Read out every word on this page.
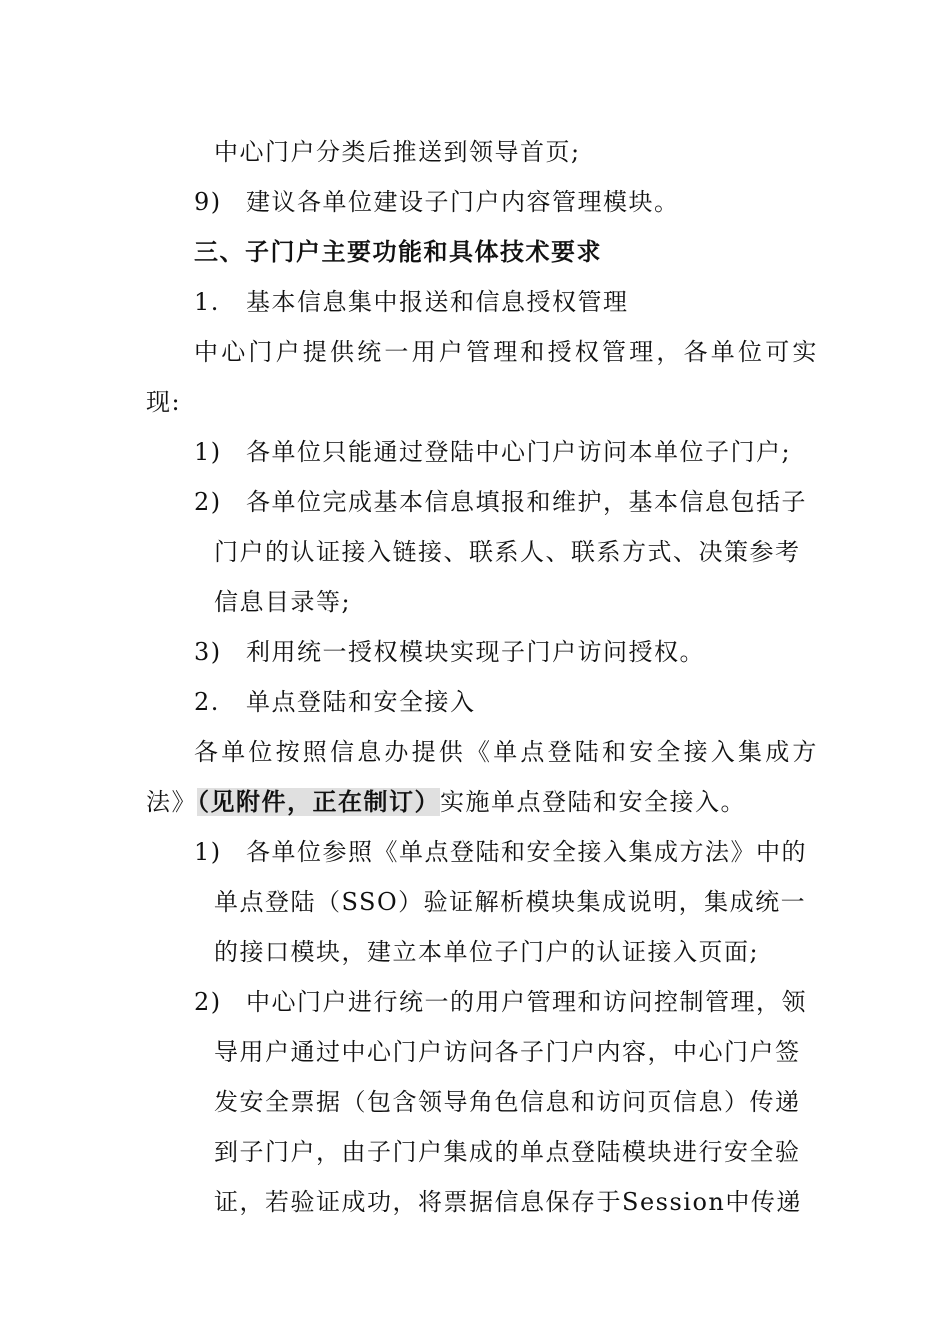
中心门户分类后推送到领导首页;
9) 建议各单位建设子门户内容管理模块。
三、子门户主要功能和具体技术要求
1. 基本信息集中报送和信息授权管理
中心门户提供统一用户管理和授权管理，各单位可实
现:
1) 各单位只能通过登陆中心门户访问本单位子门户;
2) 各单位完成基本信息填报和维护，基本信息包括子
门户的认证接入链接、联系人、联系方式、决策参考
信息目录等;
3) 利用统一授权模块实现子门户访问授权。
2. 单点登陆和安全接入
各单位按照信息办提供《单点登陆和安全接入集成方
法》（见附件，正在制订）实施单点登陆和安全接入。
1) 各单位参照《单点登陆和安全接入集成方法》中的
单点登陆（SSO）验证解析模块集成说明，集成统一
的接口模块，建立本单位子门户的认证接入页面;
2) 中心门户进行统一的用户管理和访问控制管理，领
导用户通过中心门户访问各子门户内容，中心门户签
发安全票据（包含领导角色信息和访问页信息）传递
到子门户，由子门户集成的单点登陆模块进行安全验
证，若验证成功，将票据信息保存于Session中传递
